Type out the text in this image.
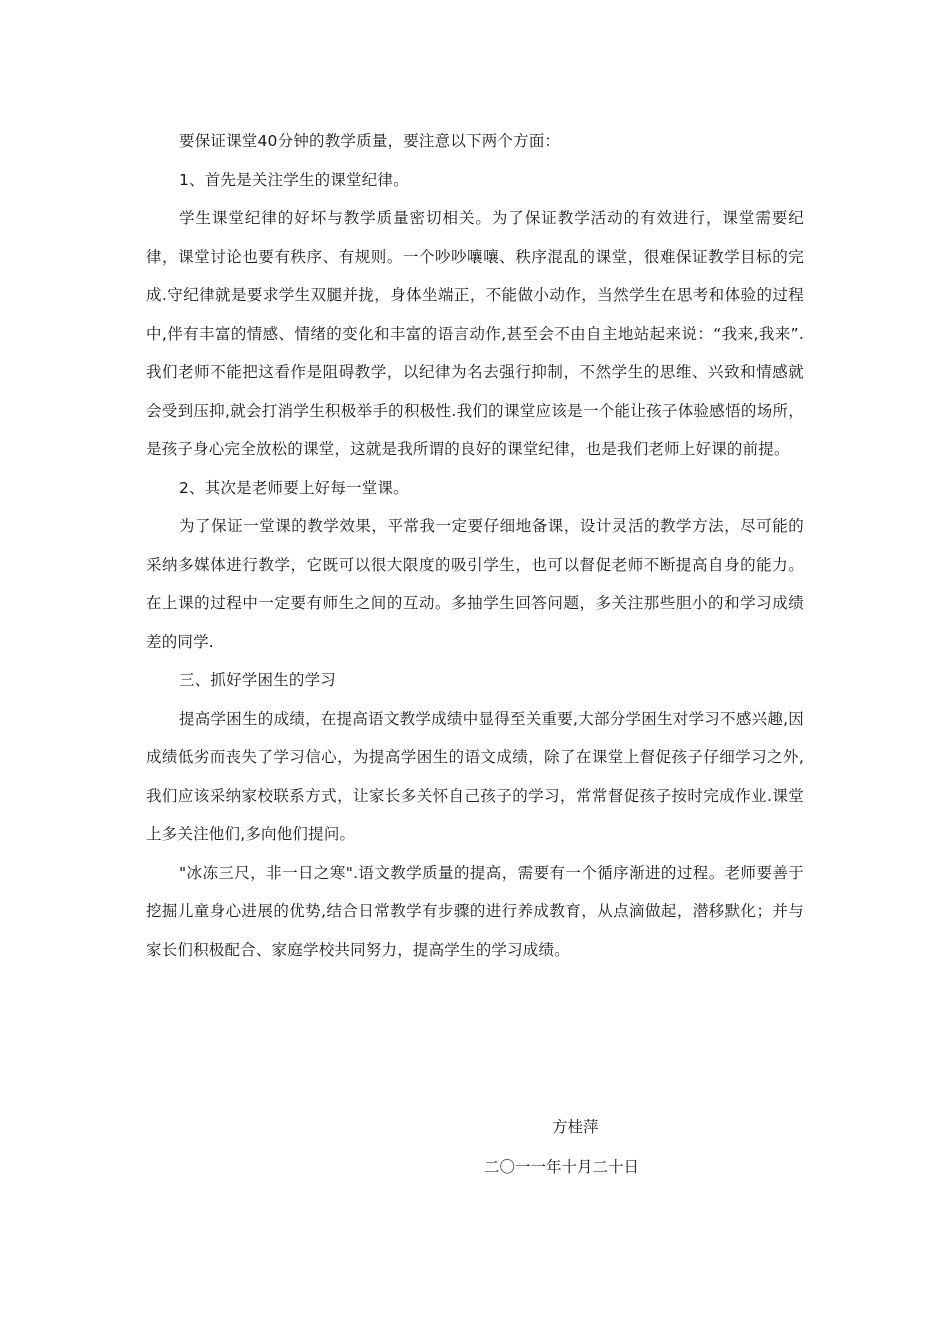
要保证课堂40分钟的教学质量，要注意以下两个方面：

1、首先是关注学生的课堂纪律。

学生课堂纪律的好坏与教学质量密切相关。为了保证教学活动的有效进行，课堂需要纪律，课堂讨论也要有秩序、有规则。一个吵吵嚷嚷、秩序混乱的课堂，很难保证教学目标的完成.守纪律就是要求学生双腿并拢，身体坐端正，不能做小动作，当然学生在思考和体验的过程中,伴有丰富的情感、情绪的变化和丰富的语言动作,甚至会不由自主地站起来说：“我来,我来”.我们老师不能把这看作是阻碍教学，以纪律为名去强行抑制，不然学生的思维、兴致和情感就会受到压抑,就会打消学生积极举手的积极性.我们的课堂应该是一个能让孩子体验感悟的场所，是孩子身心完全放松的课堂，这就是我所谓的良好的课堂纪律，也是我们老师上好课的前提。

2、其次是老师要上好每一堂课。

为了保证一堂课的教学效果，平常我一定要仔细地备课，设计灵活的教学方法，尽可能的采纳多媒体进行教学，它既可以很大限度的吸引学生，也可以督促老师不断提高自身的能力。在上课的过程中一定要有师生之间的互动。多抽学生回答问题，多关注那些胆小的和学习成绩差的同学.

三、抓好学困生的学习

提高学困生的成绩，在提高语文教学成绩中显得至关重要,大部分学困生对学习不感兴趣,因成绩低劣而丧失了学习信心，为提高学困生的语文成绩，除了在课堂上督促孩子仔细学习之外,我们应该采纳家校联系方式，让家长多关怀自己孩子的学习，常常督促孩子按时完成作业.课堂上多关注他们,多向他们提问。

"冰冻三尺，非一日之寒".语文教学质量的提高，需要有一个循序渐进的过程。老师要善于挖掘儿童身心进展的优势,结合日常教学有步骤的进行养成教育，从点滴做起，潜移默化；并与家长们积极配合、家庭学校共同努力，提高学生的学习成绩。

方桂萍
二〇一一年十月二十日
